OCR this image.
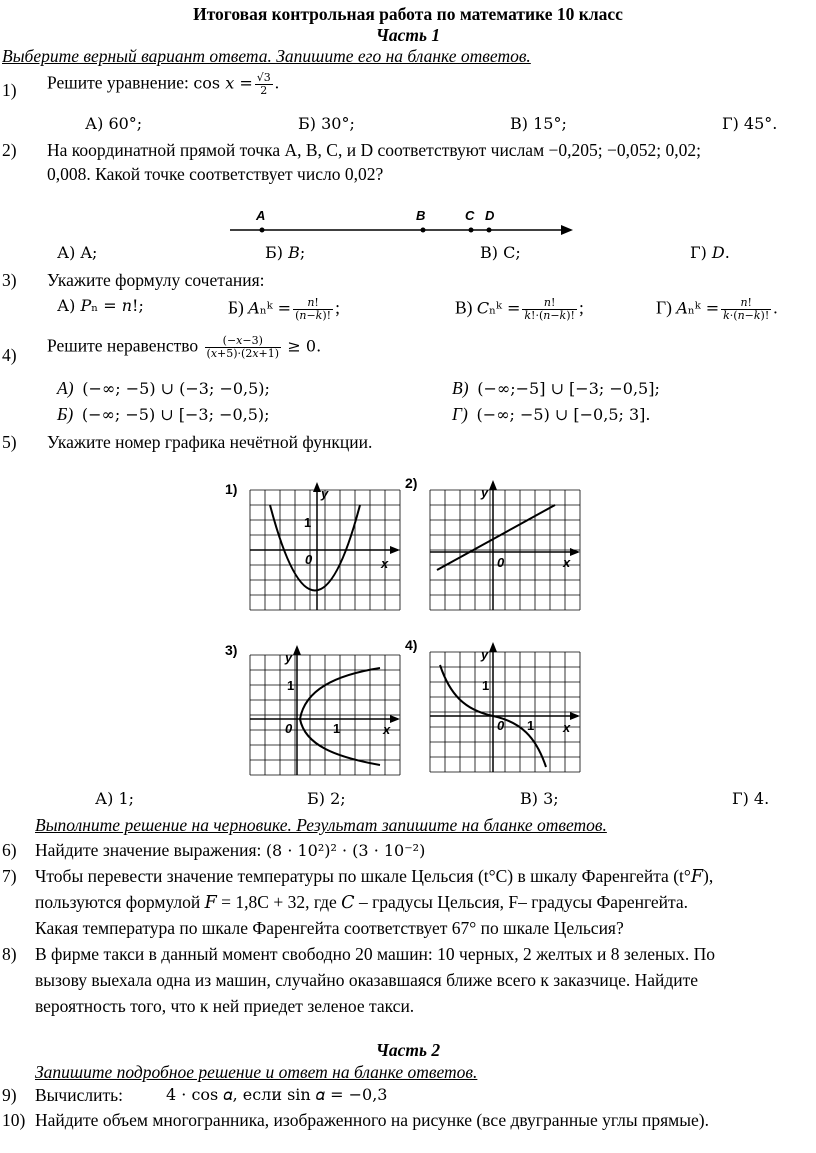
Итоговая контрольная работа по математике 10 класс
Часть 1
Выберите верный вариант ответа. Запишите его на бланке ответов.
1) Решите уравнение: cos 𝑥 = $\frac{√3}{2}$ .
А) 60°;	Б) 30°;	В) 15°;	Г) 45°.
2) На координатной прямой точка A, B, C, и D соответствуют числам −0,205; −0,052; 0,02;
0,008. Какой точке соответствует число 0,02?
A	B	C D
А) A;	Б) 𝐵;	В) C;	Г) 𝐷.
3) Укажите формулу сочетания:
А) 𝑃ₙ = 𝑛!;	Б) 𝐴ₙᵏ = $\frac{\text{𝑛!}}{\text{(𝑛−𝑘)!}}$ ;	В) 𝐶ₙᵏ = $\frac{\text{𝑛!}}{\text{𝑘!·(𝑛−𝑘)!}}$ ;	Г) 𝐴ₙᵏ = $\frac{\text{𝑛!}}{\text{𝑘·(𝑛−𝑘)!}}$ .
4) Решите неравенство $\frac{\text{(−𝑥−3)}}{\text{(𝑥+5)·(2𝑥+1)}} \ge 0$.
А) (−∞; −5) ∪ (−3; −0,5);	В) (−∞;−5] ∪ [−3; −0,5];
Б) (−∞; −5) ∪ [−3; −0,5);	Г) (−∞; −5) ∪ [−0,5; 3].
5) Укажите номер графика нечётной функции.
1)	y
x
1
0
2)
y
x
0
3)	y
x
1
0	1
4)
y
x
1
0 1
А) 1;	Б) 2;	В) 3;	Г) 4.
Выполните решение на черновике. Результат запишите на бланке ответов.
6) Найдите значение выражения: (8 · 10²)² · (3 · 10⁻²)
7) Чтобы перевести значение температуры по шкале Цельсия (t°C) в шкалу Фаренгейта (t°𝐹),
пользуются формулой 𝐹 = 1,8C + 32, где 𝐶 – градусы Цельсия, F– градусы Фаренгейта.
Какая температура по шкале Фаренгейта соответствует 67° по шкале Цельсия?
8) В фирме такси в данный момент свободно 20 машин: 10 черных, 2 желтых и 8 зеленых. По
вызову выехала одна из машин, случайно оказавшаяся ближе всего к заказчице. Найдите
вероятность того, что к ней приедет зеленое такси.
Часть 2
Запишите подробное решение и ответ на бланке ответов.
9) Вычислить:	4 · cos 𝛼, если sin 𝛼 = −0,3
10) Найдите объем многогранника, изображенного на рисунке (все двугранные углы прямые).
